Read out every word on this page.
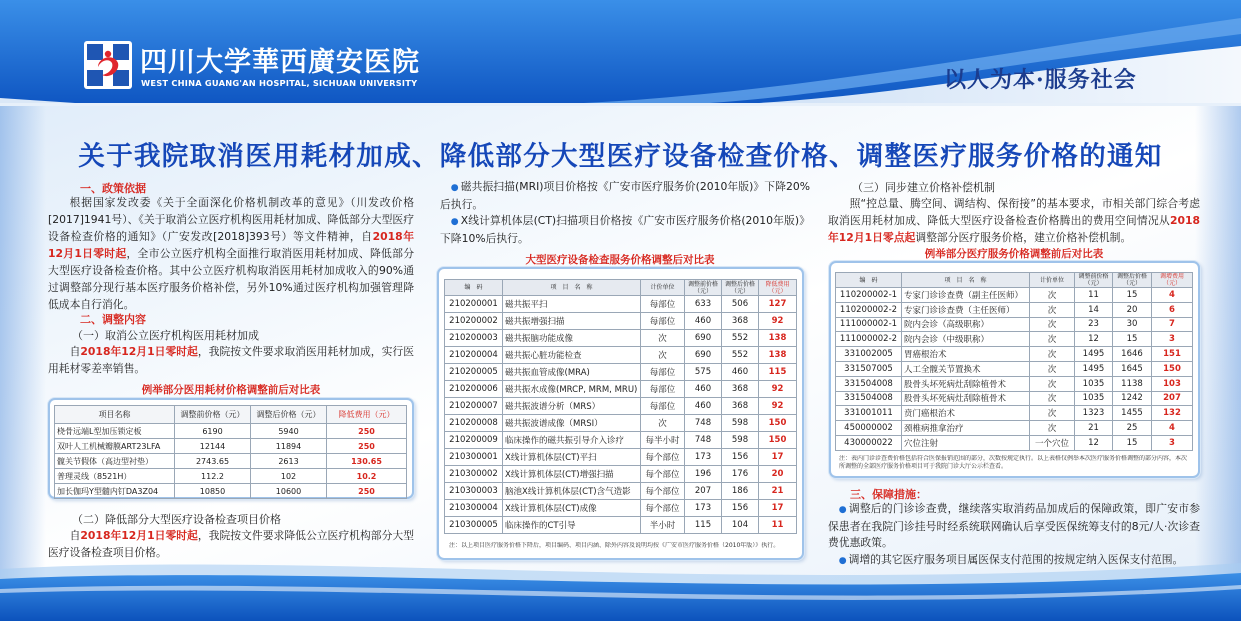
四川大学華西廣安医院
WEST CHINA GUANG'AN HOSPITAL, SICHUAN UNIVERSITY	以人为本·服务社会
关于我院取消医用耗材加成、降低部分大型医疗设备检查价格、调整医疗服务价格的通知
一、政策依据

根据国家发改委《关于全面深化价格机制改革的意见》（川发改价格[2017]1941号）、《关于取消公立医疗机构医用耗材加成、降低部分大型医疗设备检查价格的通知》（广安发改[2018]393号）等文件精神，自2018年12月1日零时起，全市公立医疗机构全面推行取消医用耗材加成、降低部分大型医疗设备检查价格。其中公立医疗机构取消医用耗材加成收入的90%通过调整部分现行基本医疗服务价格补偿，另外10%通过医疗机构加强管理降低成本自行消化。

二、调整内容
（一）取消公立医疗机构医用耗材加成

自2018年12月1日零时起，我院按文件要求取消医用耗材加成，实行医用耗材零差率销售。

例举部分医用耗材价格调整前后对比表
项目名称	调整前价格（元）	调整后价格（元）	降低费用（元）
桡骨远端L型加压锁定板	6190	5940	250
双叶人工机械瓣膜ART23LFA	12144	11894	250
髋关节假体（高边型衬垫）	2743.65	2613	130.65
普理灵线（8521H）	112.2	102	10.2
加长伽玛Y型髓内钉DA3Z04	10850	10600	250
（二）降低部分大型医疗设备检查项目价格

自2018年12月1日零时起，我院按文件要求降低公立医疗机构部分大型医疗设备检查项目价格。

● 磁共振扫描(MRI)项目价格按《广安市医疗服务价(2010年版)》下降20%后执行。
● X线计算机体层(CT)扫描项目价格按《广安市医疗服务价格(2010年版)》下降10%后执行。
大型医疗设备检查服务价格调整后对比表
编　码	项　目　名　称	计价单位	调整前价格（元）	调整后价格（元）	降低费用（元）
210200001	磁共振平扫	每部位	633	506	127
210200002	磁共振增强扫描	每部位	460	368	92
210200003	磁共振脑功能成像	次	690	552	138
210200004	磁共振心脏功能检查	次	690	552	138
210200005	磁共振血管成像(MRA)	每部位	575	460	115
210200006	磁共振水成像(MRCP, MRM, MRU)	每部位	460	368	92
210200007	磁共振波谱分析（MRS）	每部位	460	368	92
210200008	磁共振波谱成像（MRSI）	次	748	598	150
210200009	临床操作的磁共振引导介入诊疗	每半小时	748	598	150
210300001	X线计算机体层(CT)平扫	每个部位	173	156	17
210300002	X线计算机体层(CT)增强扫描	每个部位	196	176	20
210300003	脑池X线计算机体层(CT)含气造影	每个部位	207	186	21
210300004	X线计算机体层(CT)成像	每个部位	173	156	17
210300005	临床操作的CT引导	半小时	115	104	11
注：以上项目医疗服务价格下降后，项目编码、项目内涵、除外内容及说明均按《广安市医疗服务价格（2010年版）》执行。
（三）同步建立价格补偿机制

照“控总量、腾空间、调结构、保衔接”的基本要求，市相关部门综合考虑取消医用耗材加成、降低大型医疗设备检查价格腾出的费用空间情况从2018年12月1日零点起调整部分医疗服务价格，建立价格补偿机制。

例举部分医疗服务价格调整前后对比表
编　码	项　目　名　称	计价单位	调整前价格（元）	调整后价格（元）	调增费用（元）
110200002-1	专家门诊诊查费（副主任医师）	次	11	15	4
110200002-2	专家门诊诊查费（主任医师）	次	14	20	6
111000002-1	院内会诊（高级职称）	次	23	30	7
111000002-2	院内会诊（中级职称）	次	12	15	3
331002005	胃癌根治术	次	1495	1646	151
331507005	人工全髋关节置换术	次	1495	1645	150
331504008	股骨头坏死病灶刮除植骨术	次	1035	1138	103
331504008	股骨头坏死病灶刮除植骨术	次	1035	1242	207
331001011	贲门癌根治术	次	1323	1455	132
450000002	颈椎病推拿治疗	次	21	25	4
430000022	穴位注射	一个穴位	12	15	3
注：表内门诊诊查费价格包括符合医保报销范围的部分，次数按规定执行。以上表格仅例举本次医疗服务价格调整的部分内容，本次所调整的全部医疗服务价格项目可于我院门诊大厅公示栏查看。
三、保障措施：
● 调整后的门诊诊查费，继续落实取消药品加成后的保障政策，即广安市参保患者在我院门诊挂号时经系统联网确认后享受医保统筹支付的8元/人·次诊查费优惠政策。
● 调增的其它医疗服务项目属医保支付范围的按规定纳入医保支付范围。
